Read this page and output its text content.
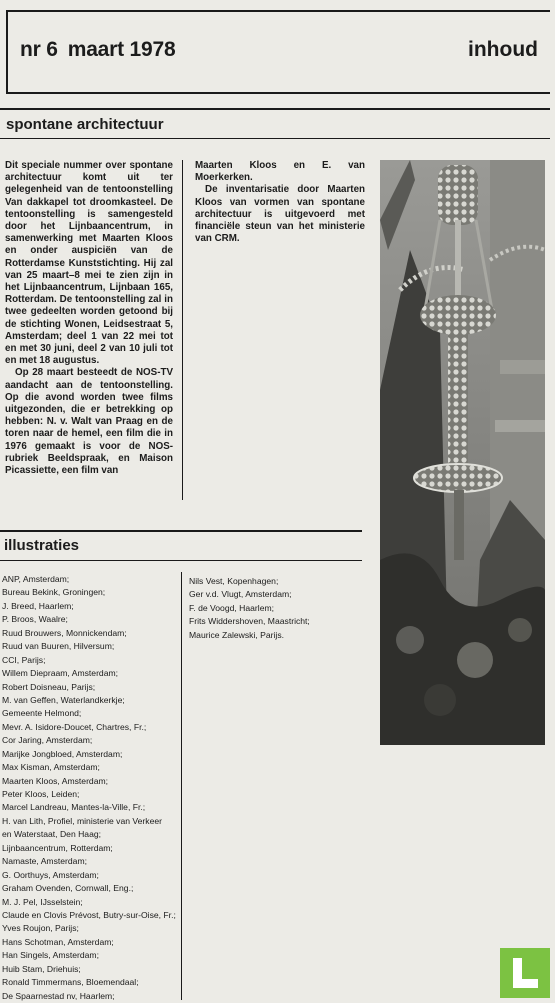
nr 6 maart 1978	inhoud
spontane architectuur

Dit speciale nummer over spontane architectuur komt uit ter gelegenheid van de tentoonstelling Van dakkapel tot droomkasteel. De tentoonstelling is samengesteld door het Lijnbaancentrum, in samenwerking met Maarten Kloos en onder auspiciën van de Rotterdamse Kunststichting. Hij zal van 25 maart–8 mei te zien zijn in het Lijnbaancentrum, Lijnbaan 165, Rotterdam. De tentoonstelling zal in twee gedeelten worden getoond bij de stichting Wonen, Leidsestraat 5, Amsterdam; deel 1 van 22 mei tot en met 30 juni, deel 2 van 10 juli tot en met 18 augustus.

Op 28 maart besteedt de NOS-TV aandacht aan de tentoonstelling. Op die avond worden twee films uitgezonden, die er betrekking op hebben: N. v. Walt van Praag en de toren naar de hemel, een film die in 1976 gemaakt is voor de NOS-rubriek Beeldspraak, en Maison Picassiette, een film van

Maarten Kloos en E. van Moerkerken.

De inventarisatie door Maarten Kloos van vormen van spontane architectuur is uitgevoerd met financiële steun van het ministerie van CRM.

illustraties
ANP, Amsterdam;
Bureau Bekink, Groningen;
J. Breed, Haarlem;
P. Broos, Waalre;
Ruud Brouwers, Monnickendam;
Ruud van Buuren, Hilversum;
CCI, Parijs;
Willem Diepraam, Amsterdam;
Robert Doisneau, Parijs;
M. van Geffen, Waterlandkerkje;
Gemeente Helmond;
Mevr. A. Isidore-Doucet, Chartres, Fr.;
Cor Jaring, Amsterdam;
Marijke Jongbloed, Amsterdam;
Max Kisman, Amsterdam;
Maarten Kloos, Amsterdam;
Peter Kloos, Leiden;
Marcel Landreau, Mantes-la-Ville, Fr.;
H. van Lith, Profiel, ministerie van Verkeer
en Waterstaat, Den Haag;
Lijnbaancentrum, Rotterdam;
Namaste, Amsterdam;
G. Oorthuys, Amsterdam;
Graham Ovenden, Cornwall, Eng.;
M. J. Pel, IJsselstein;
Claude en Clovis Prévost, Butry-sur-Oise, Fr.;
Yves Roujon, Parijs;
Hans Schotman, Amsterdam;
Han Singels, Amsterdam;
Huib Stam, Driehuis;
Ronald Timmermans, Bloemendaal;
De Spaarnestad nv, Haarlem;
Nils Vest, Kopenhagen;
Ger v.d. Vlugt, Amsterdam;
F. de Voogd, Haarlem;
Frits Widdershoven, Maastricht;
Maurice Zalewski, Parijs.
